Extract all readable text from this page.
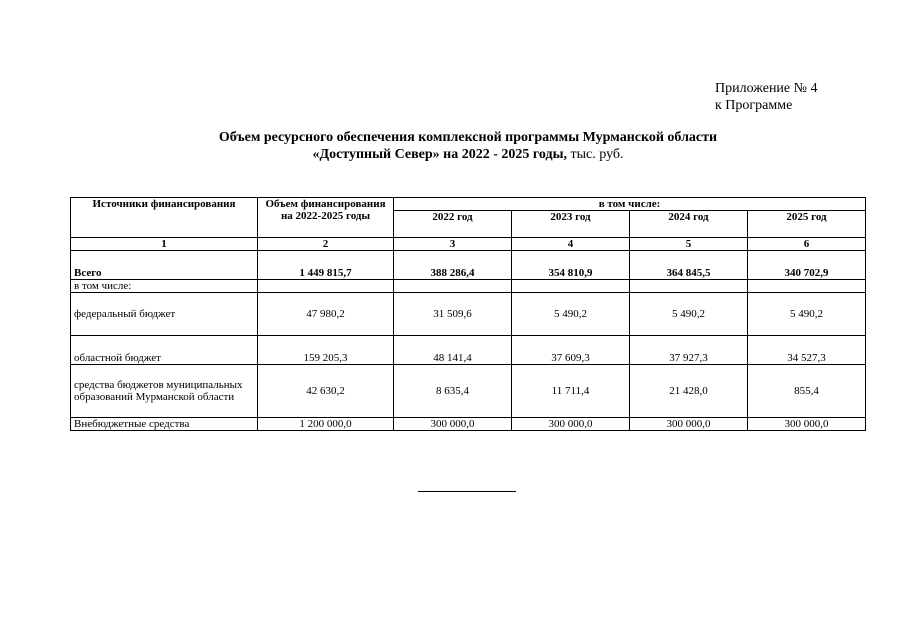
Приложение № 4
к Программе
Объем ресурсного обеспечения комплексной программы Мурманской области
«Доступный Север» на 2022 - 2025 годы, тыс. руб.
Источники финансирования	Объем финансирования на 2022-2025 годы	в том числе:			
		2022 год	2023 год	2024 год	2025 год
1	2	3	4	5	6
Всего	1 449 815,7	388 286,4	354 810,9	364 845,5	340 702,9
в том числе:					
федеральный бюджет	47 980,2	31 509,6	5 490,2	5 490,2	5 490,2
областной бюджет	159 205,3	48 141,4	37 609,3	37 927,3	34 527,3
средства бюджетов муниципальных образований Мурманской области	42 630,2	8 635,4	11 711,4	21 428,0	855,4
Внебюджетные средства	1 200 000,0	300 000,0	300 000,0	300 000,0	300 000,0
